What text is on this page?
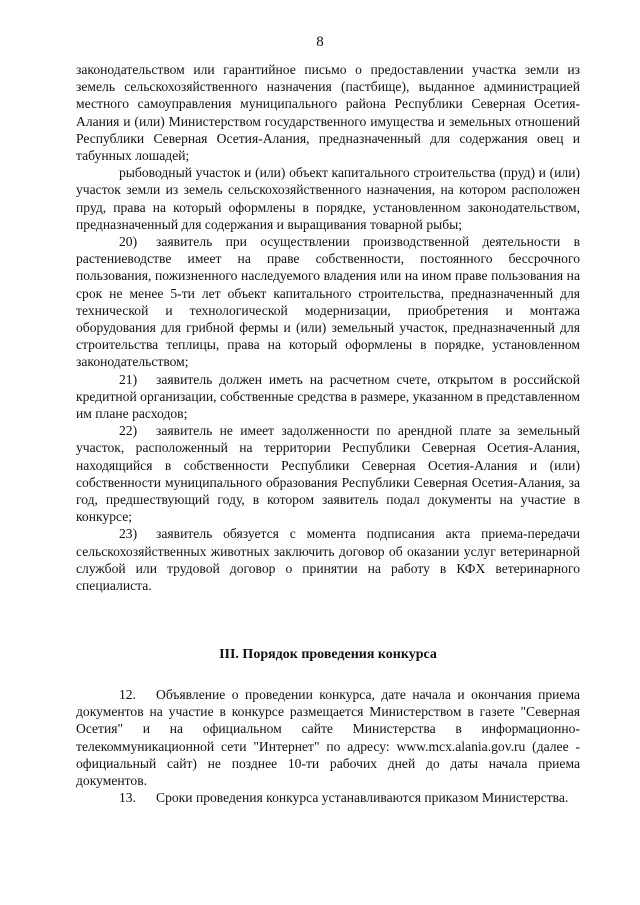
8

законодательством или гарантийное письмо о предоставлении участка земли из земель сельскохозяйственного назначения (пастбище), выданное администрацией местного самоуправления муниципального района Республики Северная Осетия-Алания и (или) Министерством государственного имущества и земельных отношений Республики Северная Осетия-Алания, предназначенный для содержания овец и табунных лошадей;

рыбоводный участок и (или) объект капитального строительства (пруд) и (или) участок земли из земель сельскохозяйственного назначения, на котором расположен пруд, права на который оформлены в порядке, установленном законодательством, предназначенный для содержания и выращивания товарной рыбы;

20) заявитель при осуществлении производственной деятельности в растениеводстве имеет на праве собственности, постоянного бессрочного пользования, пожизненного наследуемого владения или на ином праве пользования на срок не менее 5-ти лет объект капитального строительства, предназначенный для технической и технологической модернизации, приобретения и монтажа оборудования для грибной фермы и (или) земельный участок, предназначенный для строительства теплицы, права на который оформлены в порядке, установленном законодательством;

21) заявитель должен иметь на расчетном счете, открытом в российской кредитной организации, собственные средства в размере, указанном в представленном им плане расходов;

22) заявитель не имеет задолженности по арендной плате за земельный участок, расположенный на территории Республики Северная Осетия-Алания, находящийся в собственности Республики Северная Осетия-Алания и (или) собственности муниципального образования Республики Северная Осетия-Алания, за год, предшествующий году, в котором заявитель подал документы на участие в конкурсе;

23) заявитель обязуется с момента подписания акта приема-передачи сельскохозяйственных животных заключить договор об оказании услуг ветеринарной службой или трудовой договор о принятии на работу в КФХ ветеринарного специалиста.

III. Порядок проведения конкурса

12. Объявление о проведении конкурса, дате начала и окончания приема документов на участие в конкурсе размещается Министерством в газете "Северная Осетия" и на официальном сайте Министерства в информационно-телекоммуникационной сети "Интернет" по адресу: www.mcx.alania.gov.ru (далее - официальный сайт) не позднее 10-ти рабочих дней до даты начала приема документов.

13. Сроки проведения конкурса устанавливаются приказом Министерства.
